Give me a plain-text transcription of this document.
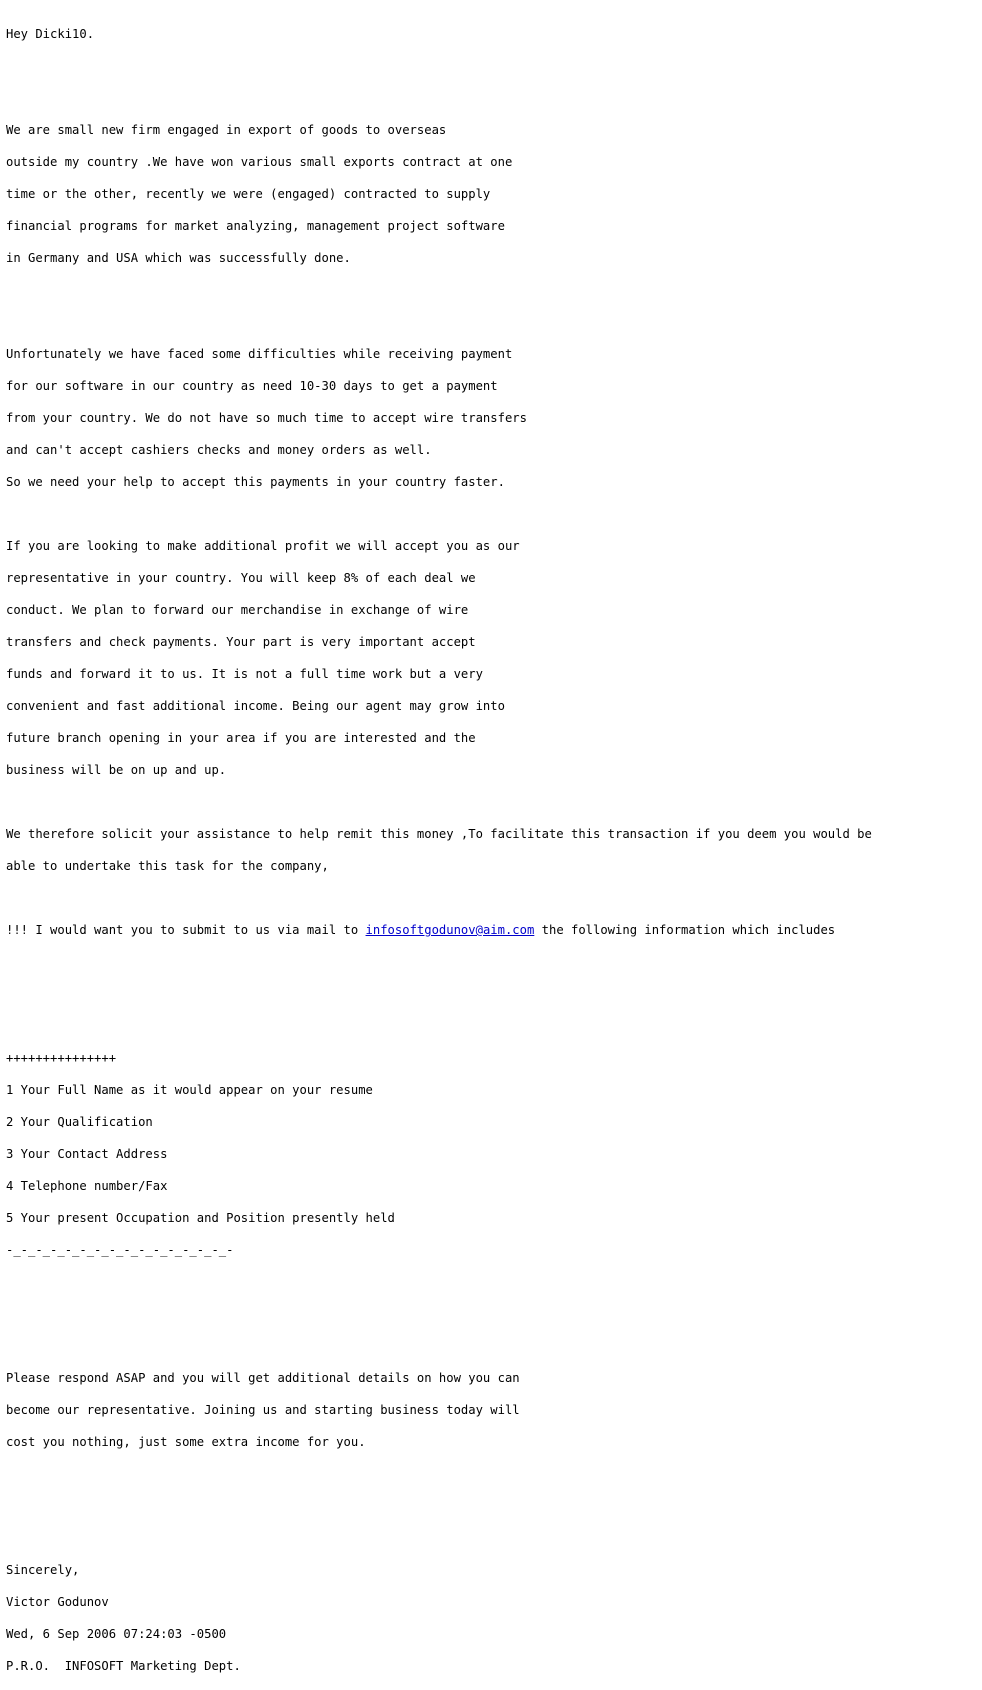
Hey Dicki10.

We are small new firm engaged in export of goods to overseas

outside my country .We have won various small exports contract at one

time or the other, recently we were (engaged) contracted to supply

financial programs for market analyzing, management project software

in Germany and USA which was successfully done.

Unfortunately we have faced some difficulties while receiving payment

for our software in our country as need 10-30 days to get a payment

from your country. We do not have so much time to accept wire transfers

and can't accept cashiers checks and money orders as well.

So we need your help to accept this payments in your country faster.

If you are looking to make additional profit we will accept you as our

representative in your country. You will keep 8% of each deal we

conduct. We plan to forward our merchandise in exchange of wire

transfers and check payments. Your part is very important accept

funds and forward it to us. It is not a full time work but a very

convenient and fast additional income. Being our agent may grow into

future branch opening in your area if you are interested and the

business will be on up and up.

We therefore solicit your assistance to help remit this money ,To facilitate this transaction if you deem you would be

able to undertake this task for the company,

!!! I would want you to submit to us via mail to infosoftgodunov@aim.com the following information which includes

+++++++++++++++

1 Your Full Name as it would appear on your resume

2 Your Qualification

3 Your Contact Address

4 Telephone number/Fax

5 Your present Occupation and Position presently held

-_-_-_-_-_-_-_-_-_-_-_-_-_-_-_-

Please respond ASAP and you will get additional details on how you can

become our representative. Joining us and starting business today will

cost you nothing, just some extra income for you.

Sincerely,

Victor Godunov

Wed, 6 Sep 2006 07:24:03 -0500

P.R.O.  INFOSOFT Marketing Dept.
